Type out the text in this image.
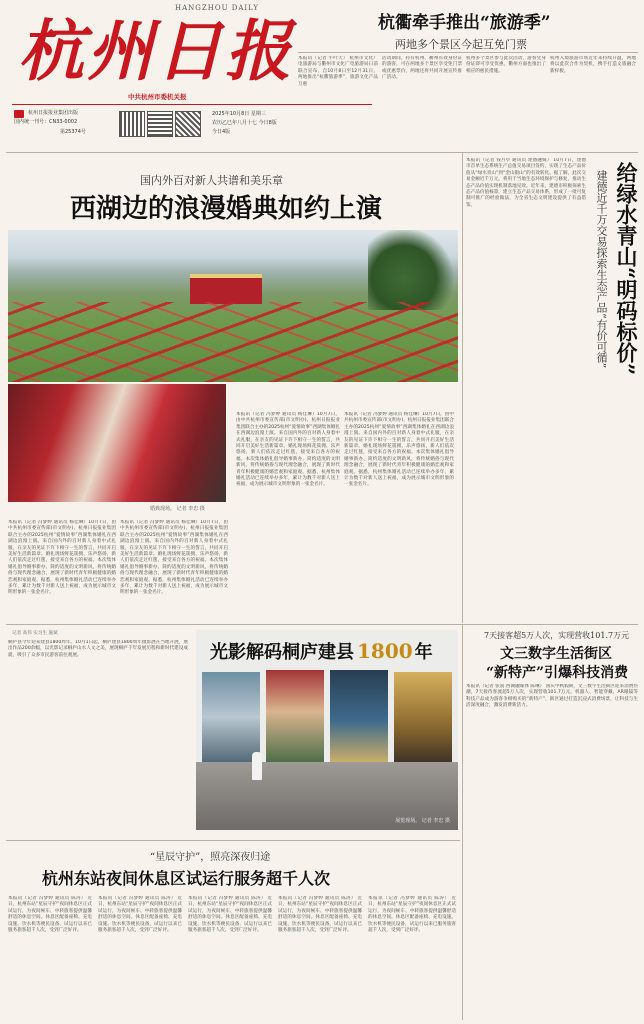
HANGZHOU DAILY
杭州日报
中共杭州市委机关报
杭州日报报业集团出版
国内统一刊号：CN33-0002
第25374号
2025年10月8日 星期三
农历乙巳年八月十七 今日8版
今日4版
杭衢牵手推出“旅游季”
两地多个景区今起互免门票
本报讯（记者 牛叶天） 杭州市文化广电旅游局与衢州市文化广电旅游局日前联合宣布，自10月8日至12月31日，两地推出“杭衢旅游季”，旅游文化产品互惠
活动期间，持有杭州、衢州有效身份证的游客，可在两地多个景区享受免门票或优惠票价，两地还将共同开展宣传推广活动。
杭州多个景区参与此次活动，游客凭身份证即可享受优惠，衢州方面也推出了相应的惠民措施。
杭州入境旅游市场近年来持续升温，两地将以此次合作为契机，携手打造文旅融合新样板。
国内外百对新人共谱和美乐章
西湖边的浪漫婚典如约上演
婚典现场。 记者 李忠 摄
本报讯（记者 冯梦婷 通讯员 杨佳琳）10月7日，由中共杭州市委宣传部(市文明办)、杭州日报报业集团联合主办的2025杭州“爱情故事”西湖集体婚礼在西湖边浪漫上演。来自国内外的百对新人身着中式礼服，在亲友的见证下许下相守一生的誓言，共同开启美好生活新篇章。婚礼现场鲜花簇拥、乐声悠扬，新人们依次走过红毯，接受来自各方的祝福。本次集体婚礼倡导婚事新办、简约适度的文明新风，将传统婚俗与现代理念融合，展现了新时代青年积极健康的婚恋观和家庭观。据悉，杭州集体婚礼活动已连续举办多年，累计为数千对新人送上祝福，成为展示城市文明形象的一张金名片。
本报讯（记者 冯梦婷 通讯员 杨佳琳）10月7日，由中共杭州市委宣传部(市文明办)、杭州日报报业集团联合主办的2025杭州“爱情故事”西湖集体婚礼在西湖边浪漫上演。来自国内外的百对新人身着中式礼服，在亲友的见证下许下相守一生的誓言，共同开启美好生活新篇章。婚礼现场鲜花簇拥、乐声悠扬，新人们依次走过红毯，接受来自各方的祝福。本次集体婚礼倡导婚事新办、简约适度的文明新风，将传统婚俗与现代理念融合，展现了新时代青年积极健康的婚恋观和家庭观。据悉，杭州集体婚礼活动已连续举办多年，累计为数千对新人送上祝福，成为展示城市文明形象的一张金名片。
本报讯（记者 冯梦婷 通讯员 杨佳琳）10月7日，由中共杭州市委宣传部(市文明办)、杭州日报报业集团联合主办的2025杭州“爱情故事”西湖集体婚礼在西湖边浪漫上演。来自国内外的百对新人身着中式礼服，在亲友的见证下许下相守一生的誓言，共同开启美好生活新篇章。婚礼现场鲜花簇拥、乐声悠扬，新人们依次走过红毯，接受来自各方的祝福。本次集体婚礼倡导婚事新办、简约适度的文明新风，将传统婚俗与现代理念融合，展现了新时代青年积极健康的婚恋观和家庭观。据悉，杭州集体婚礼活动已连续举办多年，累计为数千对新人送上祝福，成为展示城市文明形象的一张金名片。
本报讯（记者 冯梦婷 通讯员 杨佳琳）10月7日，由中共杭州市委宣传部(市文明办)、杭州日报报业集团联合主办的2025杭州“爱情故事”西湖集体婚礼在西湖边浪漫上演。来自国内外的百对新人身着中式礼服，在亲友的见证下许下相守一生的誓言，共同开启美好生活新篇章。婚礼现场鲜花簇拥、乐声悠扬，新人们依次走过红毯，接受来自各方的祝福。本次集体婚礼倡导婚事新办、简约适度的文明新风，将传统婚俗与现代理念融合，展现了新时代青年积极健康的婚恋观和家庭观。据悉，杭州集体婚礼活动已连续举办多年，累计为数千对新人送上祝福，成为展示城市文明形象的一张金名片。
本报讯（记者 钱月亭 通讯员 建德融媒） 10月7日，建德市首单生态系统生产总值交易项目签约，实现了生态产品价值从“绿水青山”到“金山银山”的有效转化。据了解，此次交易金额近千万元，将用于当地生态环境保护与修复，推动生态产品价值实现机制落地见效。近年来，建德市积极探索生态产品价值核算，建立生态产品交易体系，形成了一批可复制可推广的经验做法，为全省生态文明建设提供了有益借鉴。	给绿水青山“明码标价”
建德近千万交易探索生态产品“有价可循”
记者 高伟 实习生 施斌
桐庐县今年迎来建县1800周年。10月1日起，桐庐建县1800周年摄影展在当地开展，展出作品200余幅，以光影记录桐庐山水人文之美，展现桐庐千年发展历程和新时代建设成就，吸引了众多市民游客前往观展。	光影解码桐庐建县 1800 年
展览现场。 记者 李忠 摄
7天接客超5万人次，实现营收101.7万元
文三数字生活街区
“新特产”引爆科技消费
本报讯（记者 张骁 西湖融媒体 陈琳） 国庆中秋假期，文三数字生活街区迎来消费热潮，7天接待客流超5万人次，实现营收101.7万元。机器人、智能穿戴、AR眼镜等科技产品成为游客争相购买的“新特产”，街区通过打造沉浸式消费场景，让科技与生活深度融合，激发消费新活力。
“星辰守护”，照亮深夜归途
杭州东站夜间休息区试运行服务超千人次
本报讯（记者 冯梦婷 通讯员 陈涛） 近日，杭州东站“星辰守护”夜间休息区正式试运行，为夜间候车、中转旅客提供温馨舒适的休息空间。休息区配备座椅、充电设施、饮水机等便民设备，试运行以来已服务旅客超千人次，受到广泛好评。
本报讯（记者 冯梦婷 通讯员 陈涛） 近日，杭州东站“星辰守护”夜间休息区正式试运行，为夜间候车、中转旅客提供温馨舒适的休息空间。休息区配备座椅、充电设施、饮水机等便民设备，试运行以来已服务旅客超千人次，受到广泛好评。
本报讯（记者 冯梦婷 通讯员 陈涛） 近日，杭州东站“星辰守护”夜间休息区正式试运行，为夜间候车、中转旅客提供温馨舒适的休息空间。休息区配备座椅、充电设施、饮水机等便民设备，试运行以来已服务旅客超千人次，受到广泛好评。
本报讯（记者 冯梦婷 通讯员 陈涛） 近日，杭州东站“星辰守护”夜间休息区正式试运行，为夜间候车、中转旅客提供温馨舒适的休息空间。休息区配备座椅、充电设施、饮水机等便民设备，试运行以来已服务旅客超千人次，受到广泛好评。
本报讯（记者 冯梦婷 通讯员 陈涛） 近日，杭州东站“星辰守护”夜间休息区正式试运行，为夜间候车、中转旅客提供温馨舒适的休息空间。休息区配备座椅、充电设施、饮水机等便民设备，试运行以来已服务旅客超千人次，受到广泛好评。
